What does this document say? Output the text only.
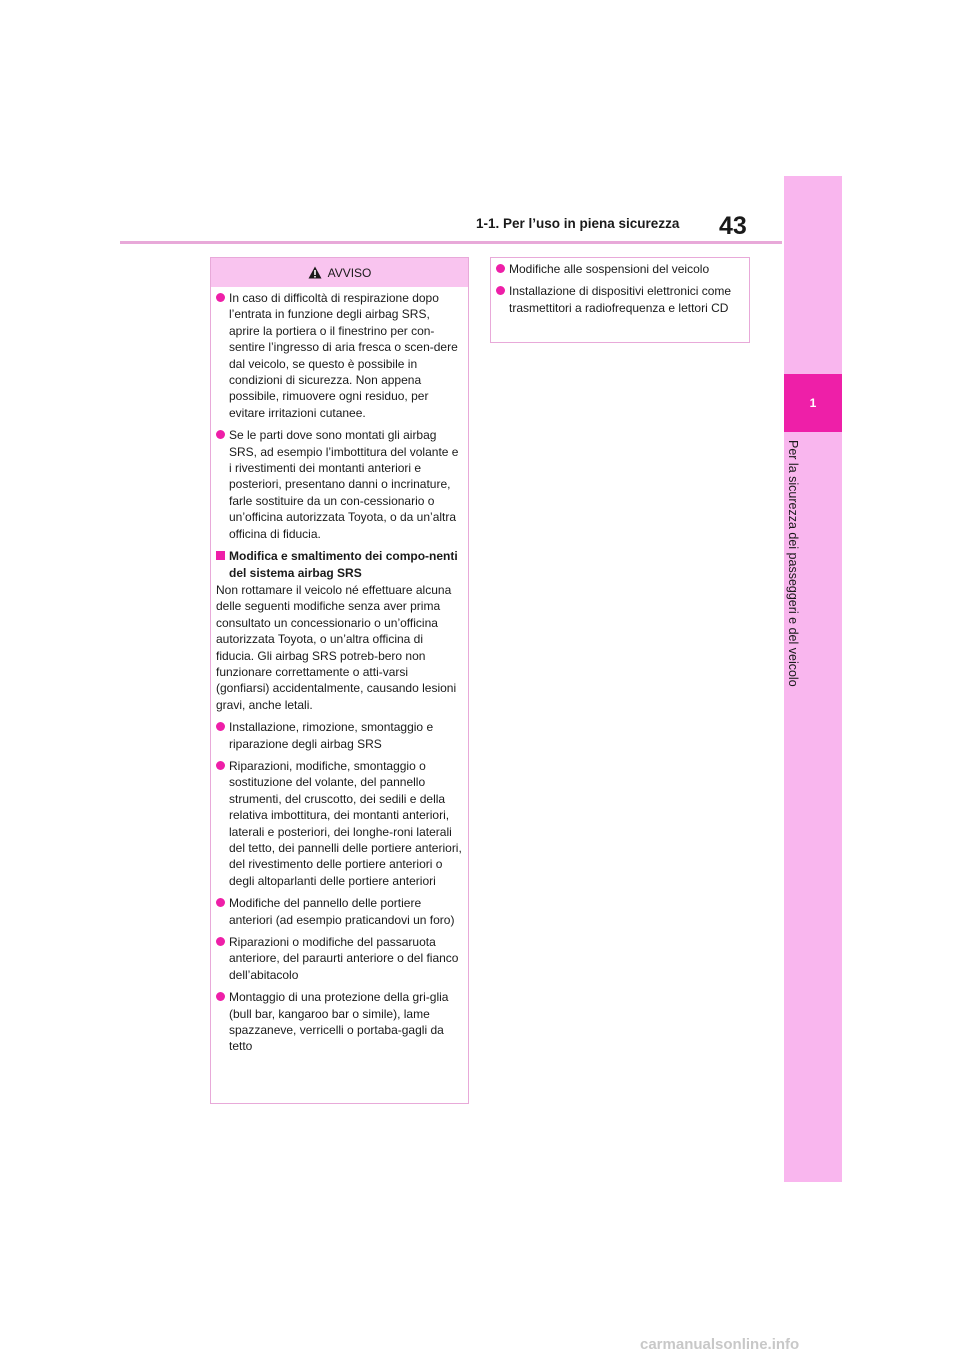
1-1. Per l’uso in piena sicurezza 43
1
Per la sicurezza dei passeggeri e del veicolo
AVVISO
In caso di difficoltà di respirazione dopo l’entrata in funzione degli airbag SRS, aprire la portiera o il finestrino per con-sentire l’ingresso di aria fresca o scen-dere dal veicolo, se questo è possibile in condizioni di sicurezza. Non appena possibile, rimuovere ogni residuo, per evitare irritazioni cutanee.
Se le parti dove sono montati gli airbag SRS, ad esempio l’imbottitura del volante e i rivestimenti dei montanti anteriori e posteriori, presentano danni o incrinature, farle sostituire da un con-cessionario o un’officina autorizzata Toyota, o da un’altra officina di fiducia.
Modifica e smaltimento dei compo-nenti del sistema airbag SRS
Non rottamare il veicolo né effettuare alcuna delle seguenti modifiche senza aver prima consultato un concessionario o un’officina autorizzata Toyota, o un’altra officina di fiducia. Gli airbag SRS potreb-bero non funzionare correttamente o atti-varsi (gonfiarsi) accidentalmente, causando lesioni gravi, anche letali.
Installazione, rimozione, smontaggio e riparazione degli airbag SRS
Riparazioni, modifiche, smontaggio o sostituzione del volante, del pannello strumenti, del cruscotto, dei sedili e della relativa imbottitura, dei montanti anteriori, laterali e posteriori, dei longhe-roni laterali del tetto, dei pannelli delle portiere anteriori, del rivestimento delle portiere anteriori o degli altoparlanti delle portiere anteriori
Modifiche del pannello delle portiere anteriori (ad esempio praticandovi un foro)
Riparazioni o modifiche del passaruota anteriore, del paraurti anteriore o del fianco dell’abitacolo
Montaggio di una protezione della gri-glia (bull bar, kangaroo bar o simile), lame spazzaneve, verricelli o portaba-gagli da tetto
Modifiche alle sospensioni del veicolo
Installazione di dispositivi elettronici come trasmettitori a radiofrequenza e lettori CD
carmanualsonline.info
